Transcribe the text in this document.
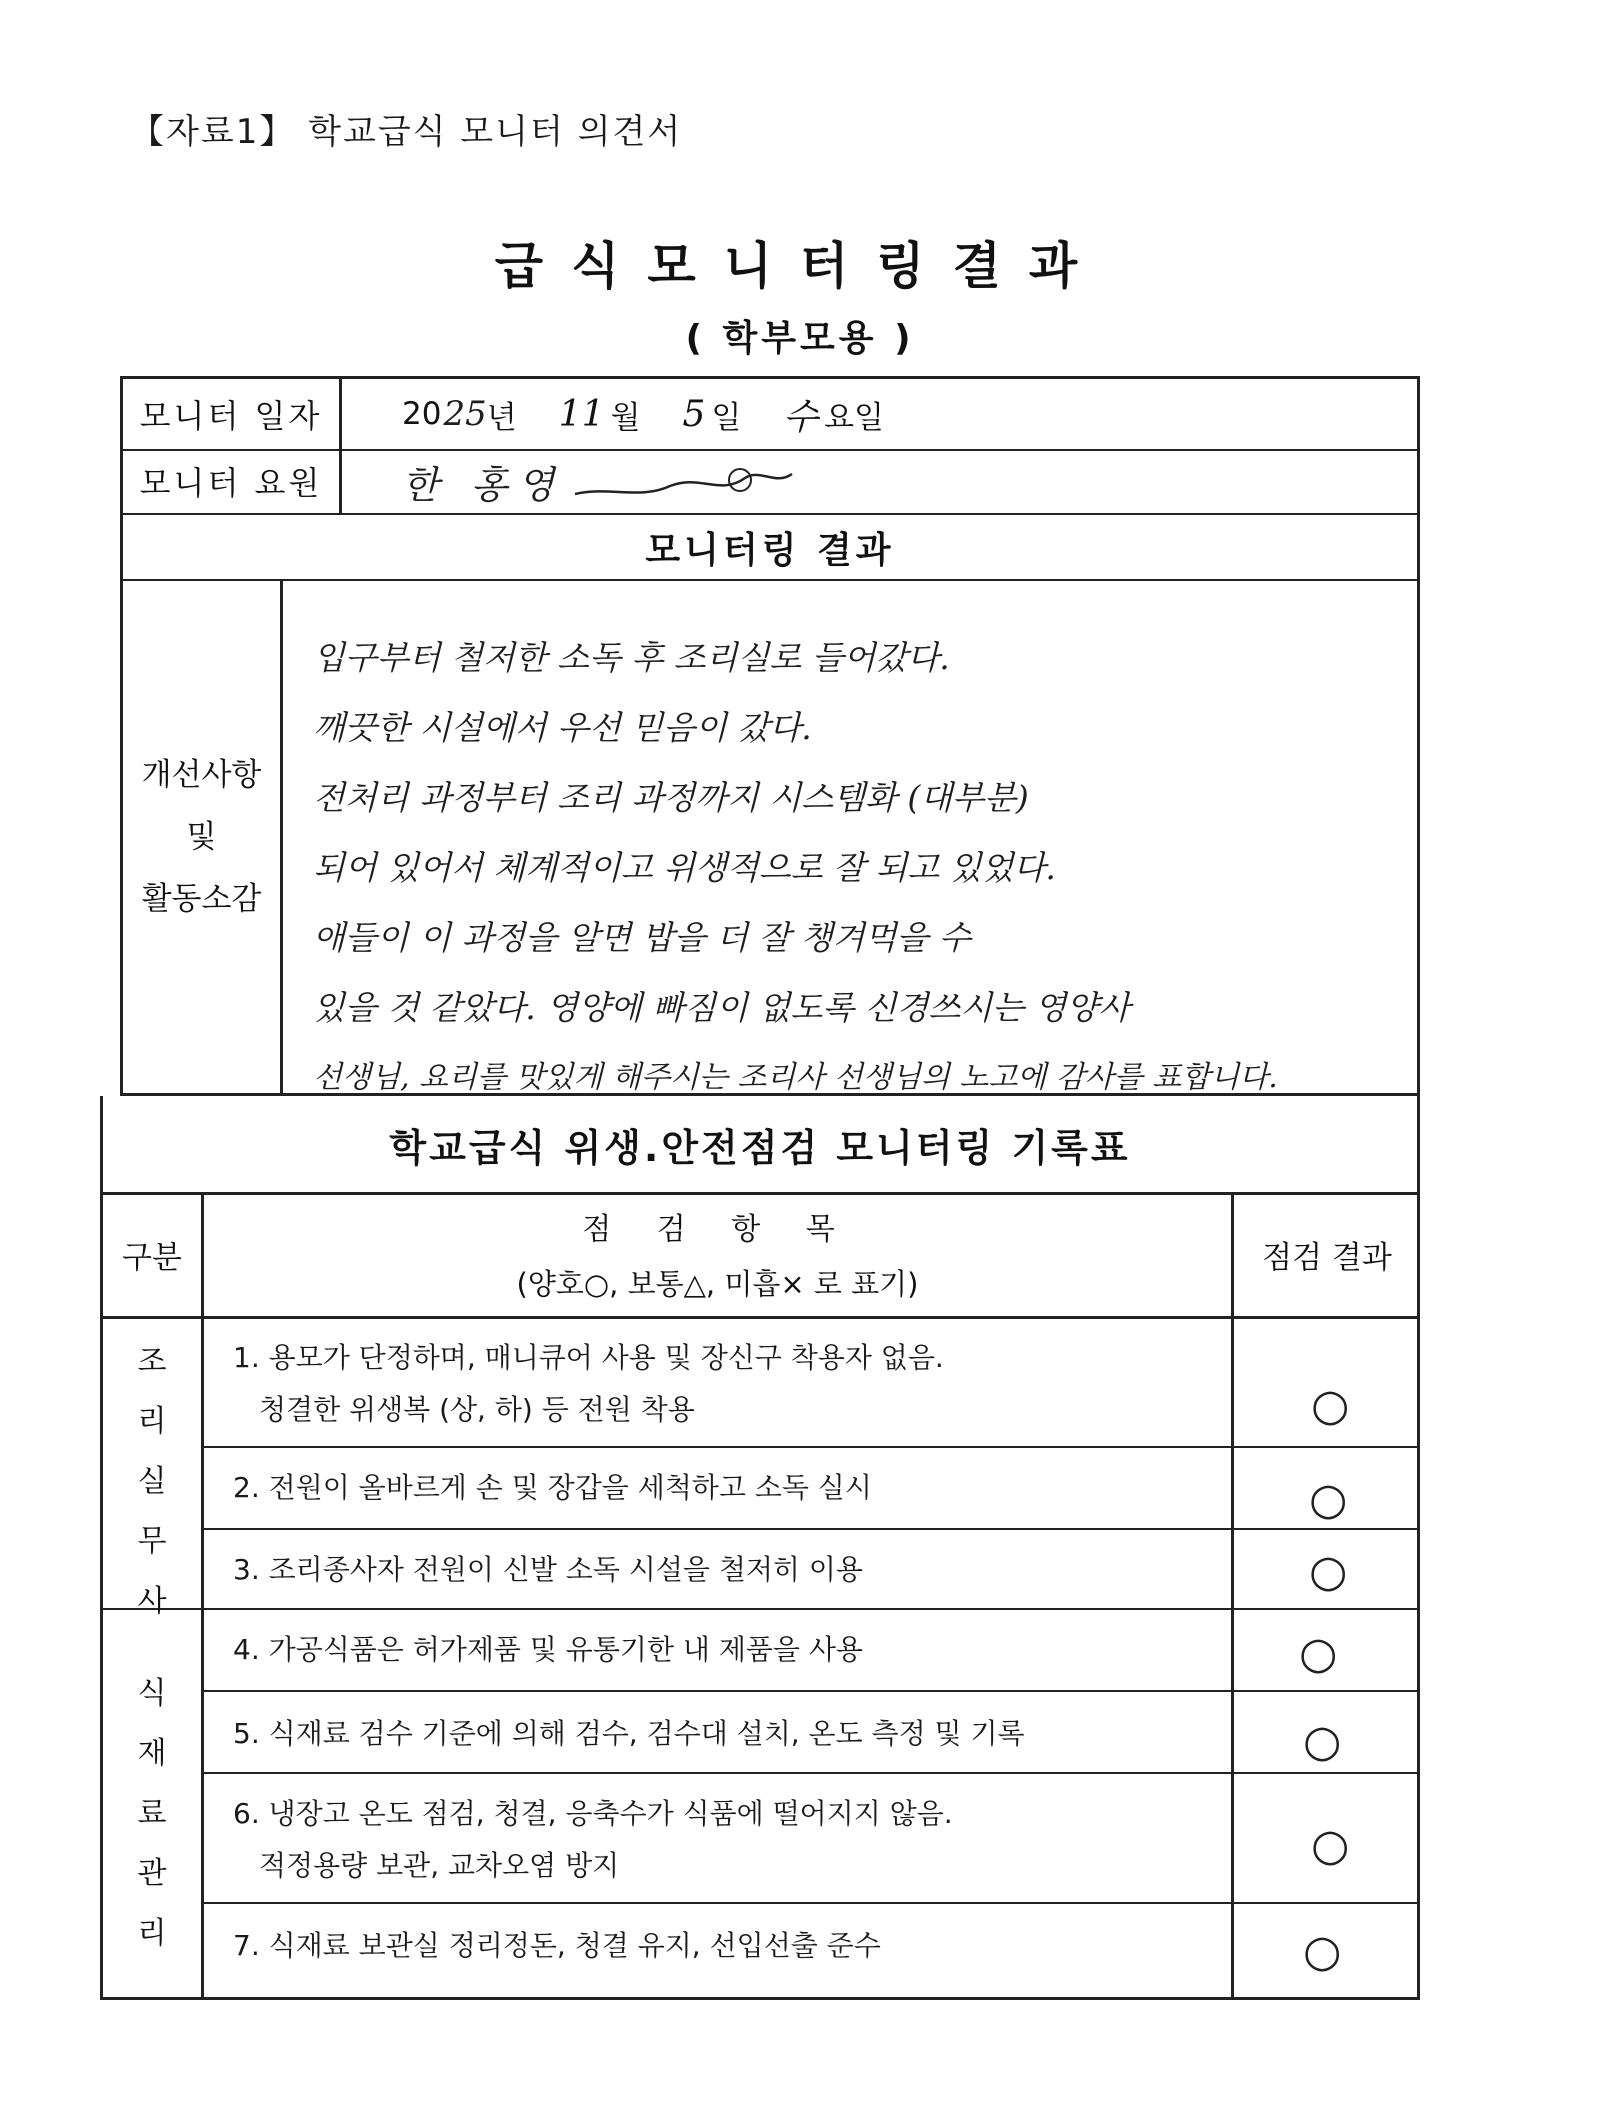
【자료1】 학교급식 모니터 의견서
급식모니터링결과
( 학부모용 )
모니터 일자	20 25 년 11 월 5 일 수 요일
모니터 요원	한 홍영
모니터링 결과
개선사항
및
활동소감
입구부터 철저한 소독 후 조리실로 들어갔다.
깨끗한 시설에서 우선 믿음이 갔다.
전처리 과정부터 조리 과정까지 시스템화 (대부분)
되어 있어서 체계적이고 위생적으로 잘 되고 있었다.
애들이 이 과정을 알면 밥을 더 잘 챙겨먹을 수
있을 것 같았다. 영양에 빠짐이 없도록 신경쓰시는 영양사
선생님, 요리를 맛있게 해주시는 조리사 선생님의 노고에 감사를 표합니다.
학교급식 위생.안전점검 모니터링 기록표
구분
점 검 항 목
(양호○, 보통△, 미흡× 로 표기)
점검 결과
조
리
실
무
사
식
재
료
관
리
1. 용모가 단정하며, 매니큐어 사용 및 장신구 착용자 없음.
청결한 위생복 (상, 하) 등 전원 착용
2. 전원이 올바르게 손 및 장갑을 세척하고 소독 실시
3. 조리종사자 전원이 신발 소독 시설을 철저히 이용
4. 가공식품은 허가제품 및 유통기한 내 제품을 사용
5. 식재료 검수 기준에 의해 검수, 검수대 설치, 온도 측정 및 기록
6. 냉장고 온도 점검, 청결, 응축수가 식품에 떨어지지 않음.
적정용량 보관, 교차오염 방지
7. 식재료 보관실 정리정돈, 청결 유지, 선입선출 준수
○
○
○
○
○
○
○
